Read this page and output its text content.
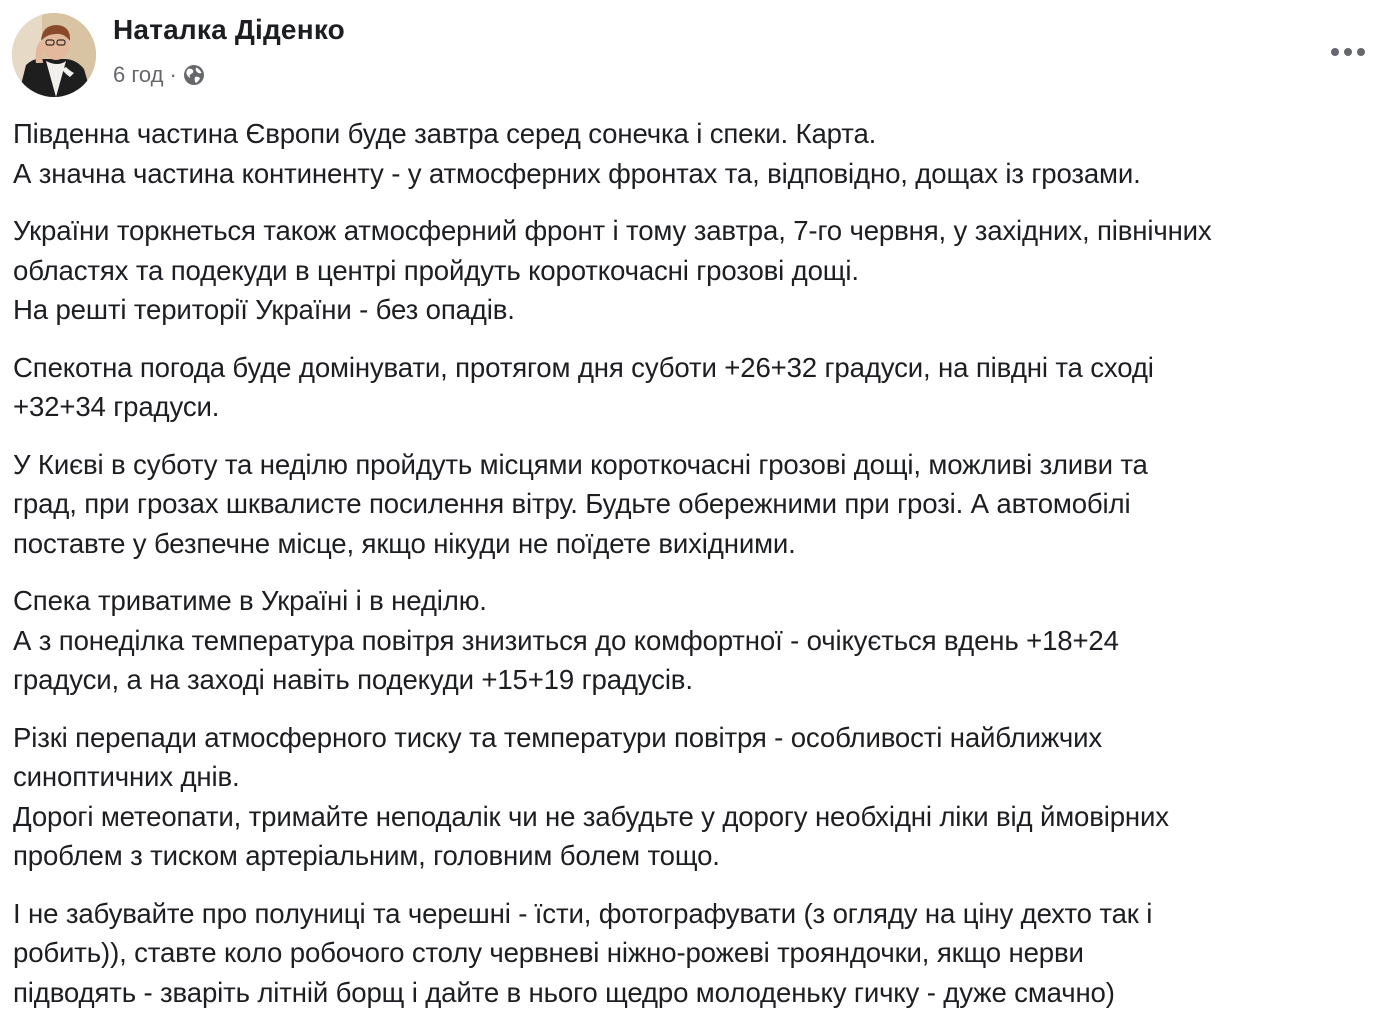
Наталка Діденко
6 год ·

Південна частина Європи буде завтра серед сонечка і спеки. Карта.
А значна частина континенту - у атмосферних фронтах та, відповідно, дощах із грозами.

України торкнеться також атмосферний фронт і тому завтра, 7-го червня, у західних, північних
областях та подекуди в центрі пройдуть короткочасні грозові дощі.
На решті території України - без опадів.

Спекотна погода буде домінувати, протягом дня суботи +26+32 градуси, на півдні та сході
+32+34 градуси.

У Києві в суботу та неділю пройдуть місцями короткочасні грозові дощі, можливі зливи та
град, при грозах шквалисте посилення вітру. Будьте обережними при грозі. А автомобілі
поставте у безпечне місце, якщо нікуди не поїдете вихідними.

Спека триватиме в Україні і в неділю.
А з понеділка температура повітря знизиться до комфортної - очікується вдень +18+24
градуси, а на заході навіть подекуди +15+19 градусів.

Різкі перепади атмосферного тиску та температури повітря - особливості найближчих
синоптичних днів.
Дорогі метеопати, тримайте неподалік чи не забудьте у дорогу необхідні ліки від ймовірних
проблем з тиском артеріальним, головним болем тощо.

І не забувайте про полуниці та черешні - їсти, фотографувати (з огляду на ціну дехто так і
робить)), ставте коло робочого столу червневі ніжно-рожеві трояндочки, якщо нерви
підводять - зваріть літній борщ і дайте в нього щедро молоденьку гичку - дуже смачно)
